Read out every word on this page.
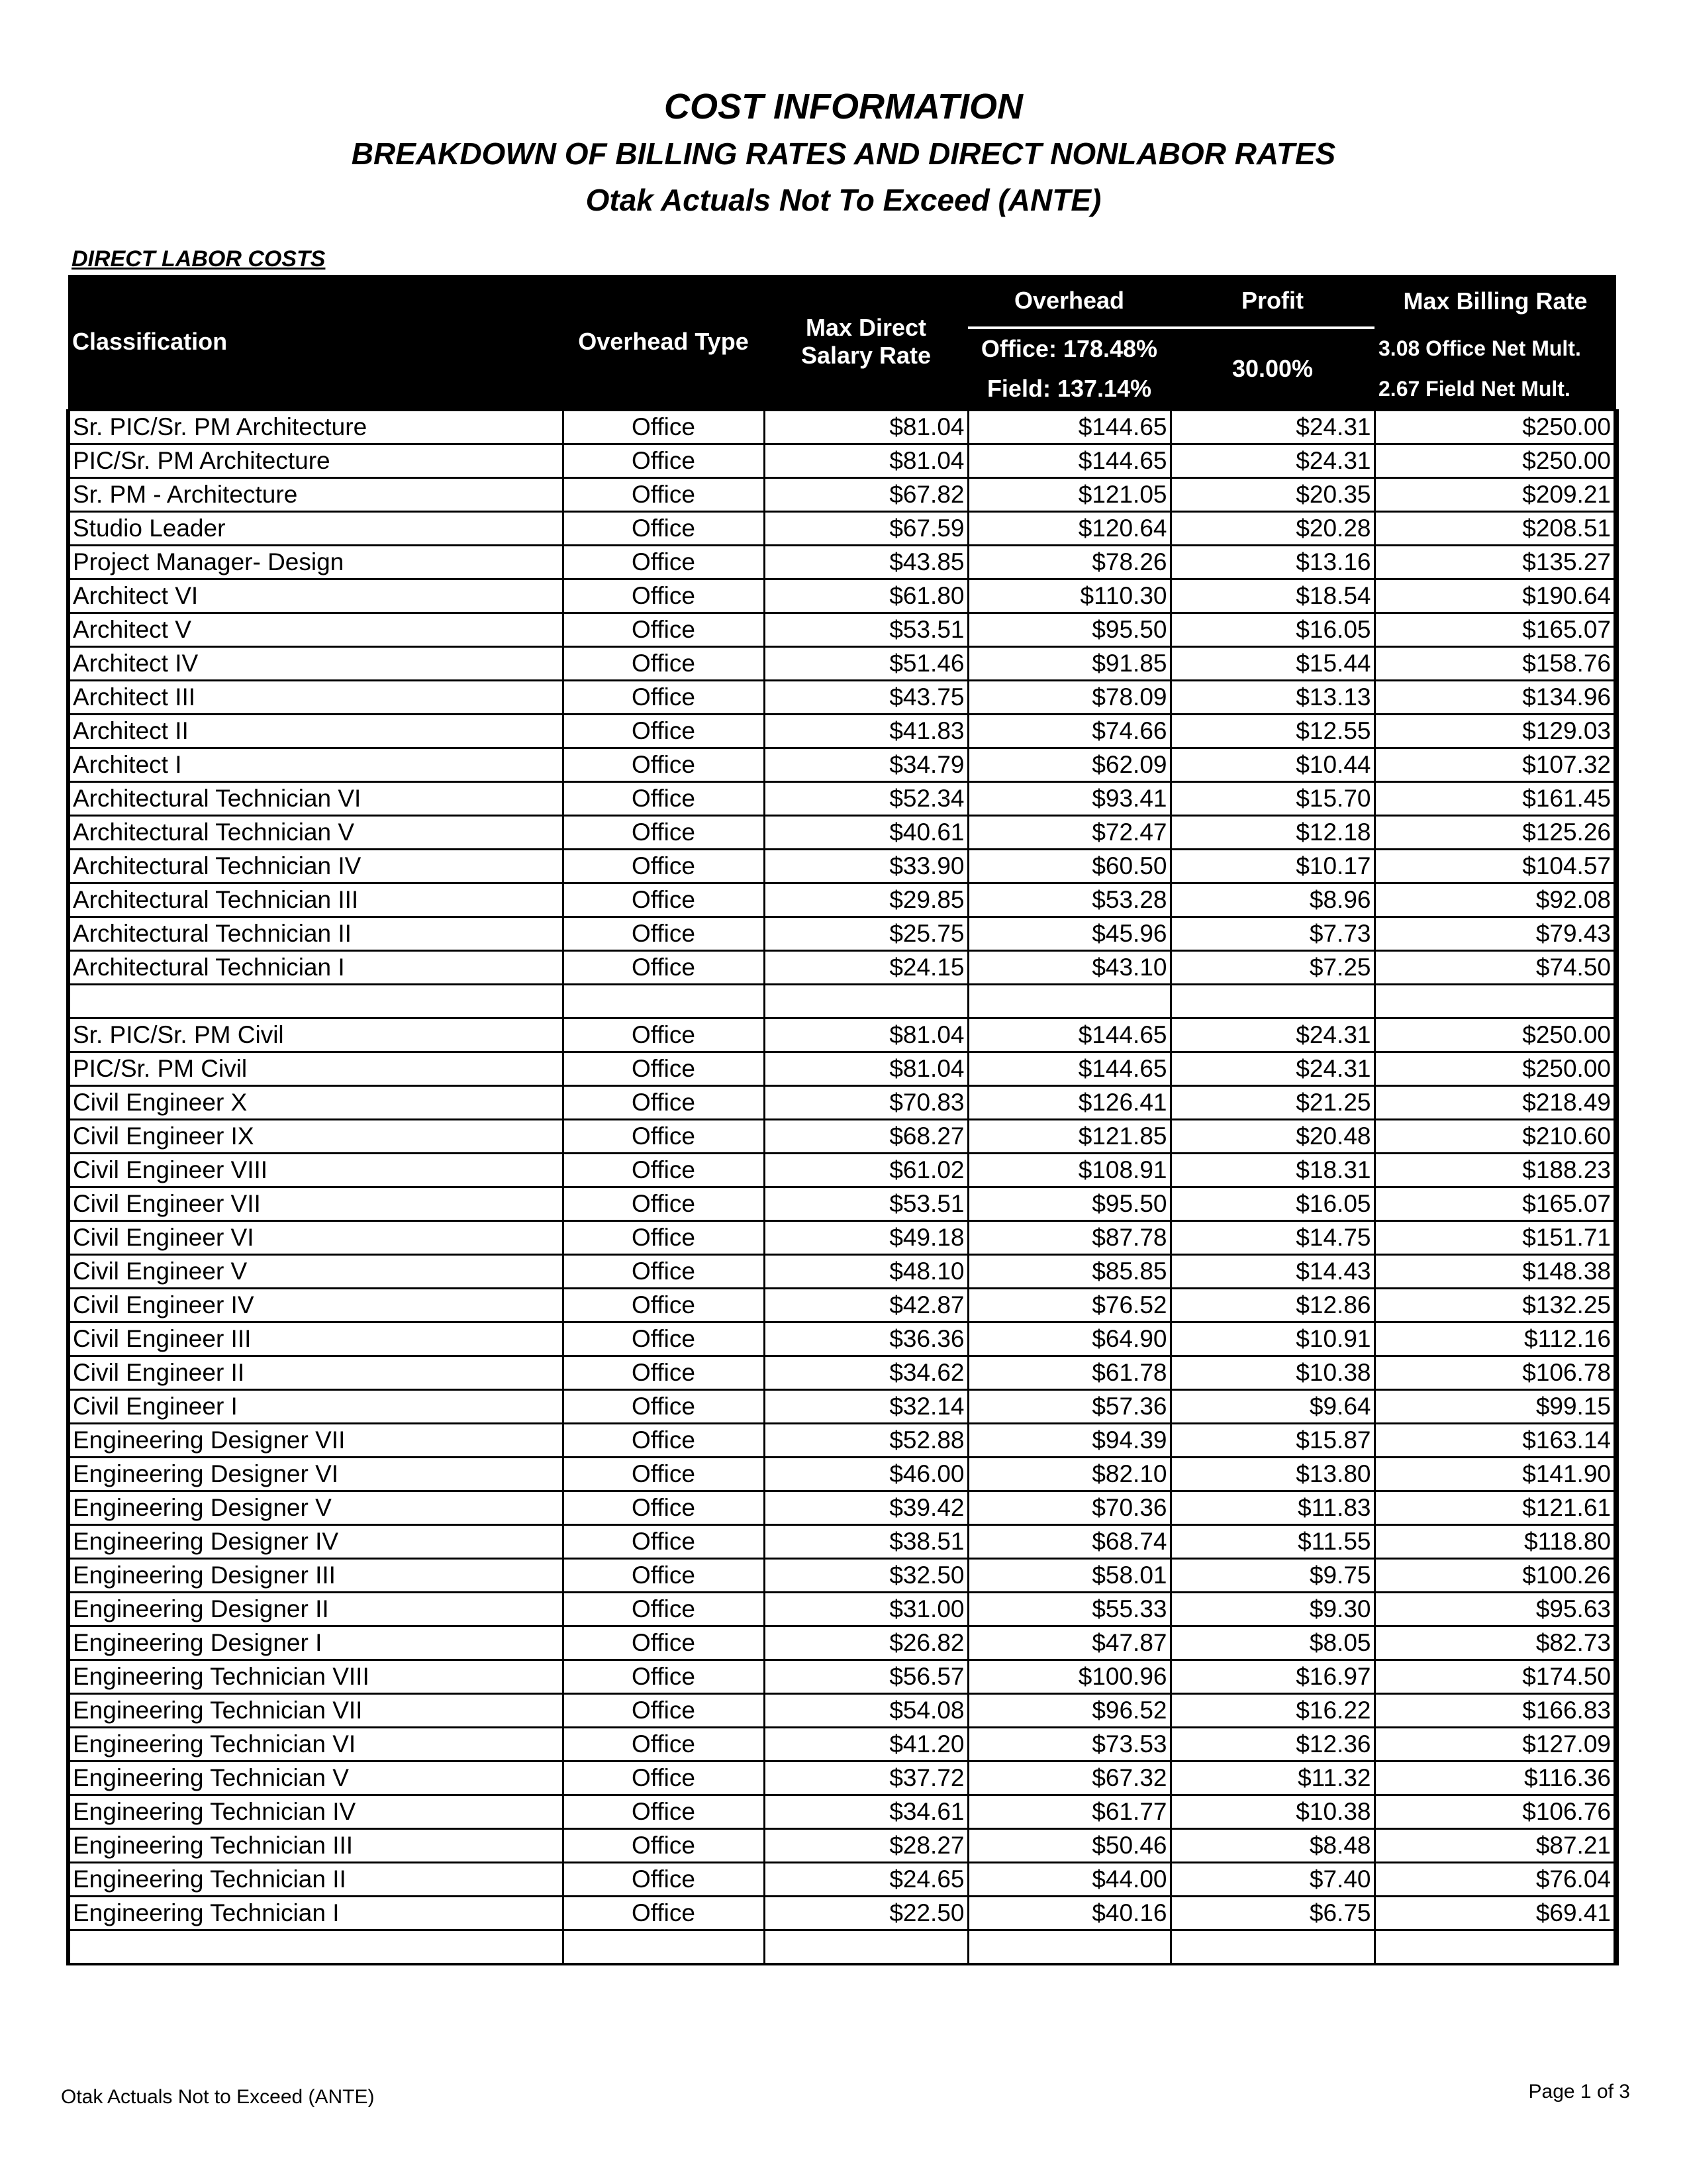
COST INFORMATION
BREAKDOWN OF BILLING RATES AND DIRECT NONLABOR RATES
Otak Actuals Not To Exceed (ANTE)
DIRECT LABOR COSTS
Classification	Overhead Type	Max Direct Salary Rate	Overhead	Profit	Max Billing Rate
			Office: 178.48%	30.00%	3.08 Office Net Mult.
			Field: 137.14%		2.67 Field Net Mult.
Sr. PIC/Sr. PM Architecture	Office	$81.04	$144.65	$24.31	$250.00
PIC/Sr. PM Architecture	Office	$81.04	$144.65	$24.31	$250.00
Sr. PM - Architecture	Office	$67.82	$121.05	$20.35	$209.21
Studio Leader	Office	$67.59	$120.64	$20.28	$208.51
Project Manager- Design	Office	$43.85	$78.26	$13.16	$135.27
Architect VI	Office	$61.80	$110.30	$18.54	$190.64
Architect V	Office	$53.51	$95.50	$16.05	$165.07
Architect IV	Office	$51.46	$91.85	$15.44	$158.76
Architect III	Office	$43.75	$78.09	$13.13	$134.96
Architect II	Office	$41.83	$74.66	$12.55	$129.03
Architect I	Office	$34.79	$62.09	$10.44	$107.32
Architectural Technician VI	Office	$52.34	$93.41	$15.70	$161.45
Architectural Technician V	Office	$40.61	$72.47	$12.18	$125.26
Architectural Technician IV	Office	$33.90	$60.50	$10.17	$104.57
Architectural Technician III	Office	$29.85	$53.28	$8.96	$92.08
Architectural Technician II	Office	$25.75	$45.96	$7.73	$79.43
Architectural Technician I	Office	$24.15	$43.10	$7.25	$74.50

Sr. PIC/Sr. PM Civil	Office	$81.04	$144.65	$24.31	$250.00
PIC/Sr. PM Civil	Office	$81.04	$144.65	$24.31	$250.00
Civil Engineer X	Office	$70.83	$126.41	$21.25	$218.49
Civil Engineer IX	Office	$68.27	$121.85	$20.48	$210.60
Civil Engineer VIII	Office	$61.02	$108.91	$18.31	$188.23
Civil Engineer VII	Office	$53.51	$95.50	$16.05	$165.07
Civil Engineer VI	Office	$49.18	$87.78	$14.75	$151.71
Civil Engineer V	Office	$48.10	$85.85	$14.43	$148.38
Civil Engineer IV	Office	$42.87	$76.52	$12.86	$132.25
Civil Engineer III	Office	$36.36	$64.90	$10.91	$112.16
Civil Engineer II	Office	$34.62	$61.78	$10.38	$106.78
Civil Engineer I	Office	$32.14	$57.36	$9.64	$99.15
Engineering Designer VII	Office	$52.88	$94.39	$15.87	$163.14
Engineering Designer VI	Office	$46.00	$82.10	$13.80	$141.90
Engineering Designer V	Office	$39.42	$70.36	$11.83	$121.61
Engineering Designer IV	Office	$38.51	$68.74	$11.55	$118.80
Engineering Designer III	Office	$32.50	$58.01	$9.75	$100.26
Engineering Designer II	Office	$31.00	$55.33	$9.30	$95.63
Engineering Designer I	Office	$26.82	$47.87	$8.05	$82.73
Engineering Technician VIII	Office	$56.57	$100.96	$16.97	$174.50
Engineering Technician VII	Office	$54.08	$96.52	$16.22	$166.83
Engineering Technician VI	Office	$41.20	$73.53	$12.36	$127.09
Engineering Technician V	Office	$37.72	$67.32	$11.32	$116.36
Engineering Technician IV	Office	$34.61	$61.77	$10.38	$106.76
Engineering Technician III	Office	$28.27	$50.46	$8.48	$87.21
Engineering Technician II	Office	$24.65	$44.00	$7.40	$76.04
Engineering Technician I	Office	$22.50	$40.16	$6.75	$69.41

Otak Actuals Not to Exceed (ANTE)	Page 1 of 3
